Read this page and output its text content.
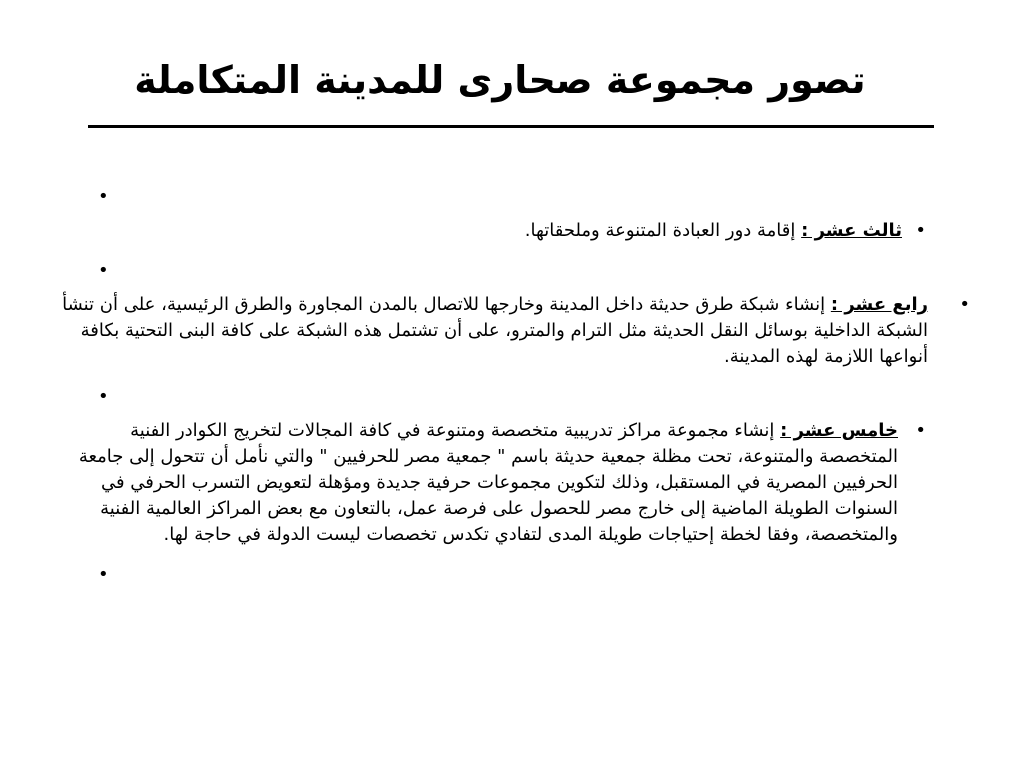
تصور مجموعة صحارى للمدينة المتكاملة
•
•
ثالث عشر : إقامة دور العبادة المتنوعة وملحقاتها.
•
•
رابع عشر : إنشاء شبكة طرق حديثة داخل المدينة وخارجها للاتصال بالمدن المجاورة والطرق الرئيسية، على أن تنشأ الشبكة الداخلية بوسائل النقل الحديثة مثل الترام والمترو، على أن تشتمل هذه الشبكة على كافة البنى التحتية بكافة أنواعها اللازمة لهذه المدينة.
•
•
خامس عشر : إنشاء مجموعة مراكز تدريبية متخصصة ومتنوعة في كافة المجالات لتخريج الكوادر الفنية المتخصصة والمتنوعة، تحت مظلة جمعية حديثة باسم " جمعية مصر للحرفيين " والتي نأمل أن تتحول إلى جامعة الحرفيين المصرية في المستقبل، وذلك لتكوين مجموعات حرفية جديدة ومؤهلة لتعويض التسرب الحرفي في السنوات الطويلة الماضية إلى خارج مصر للحصول على فرصة عمل، بالتعاون مع بعض المراكز العالمية الفنية والمتخصصة، وفقا لخطة إحتياجات طويلة المدى لتفادي تكدس تخصصات ليست الدولة في حاجة لها.
•
